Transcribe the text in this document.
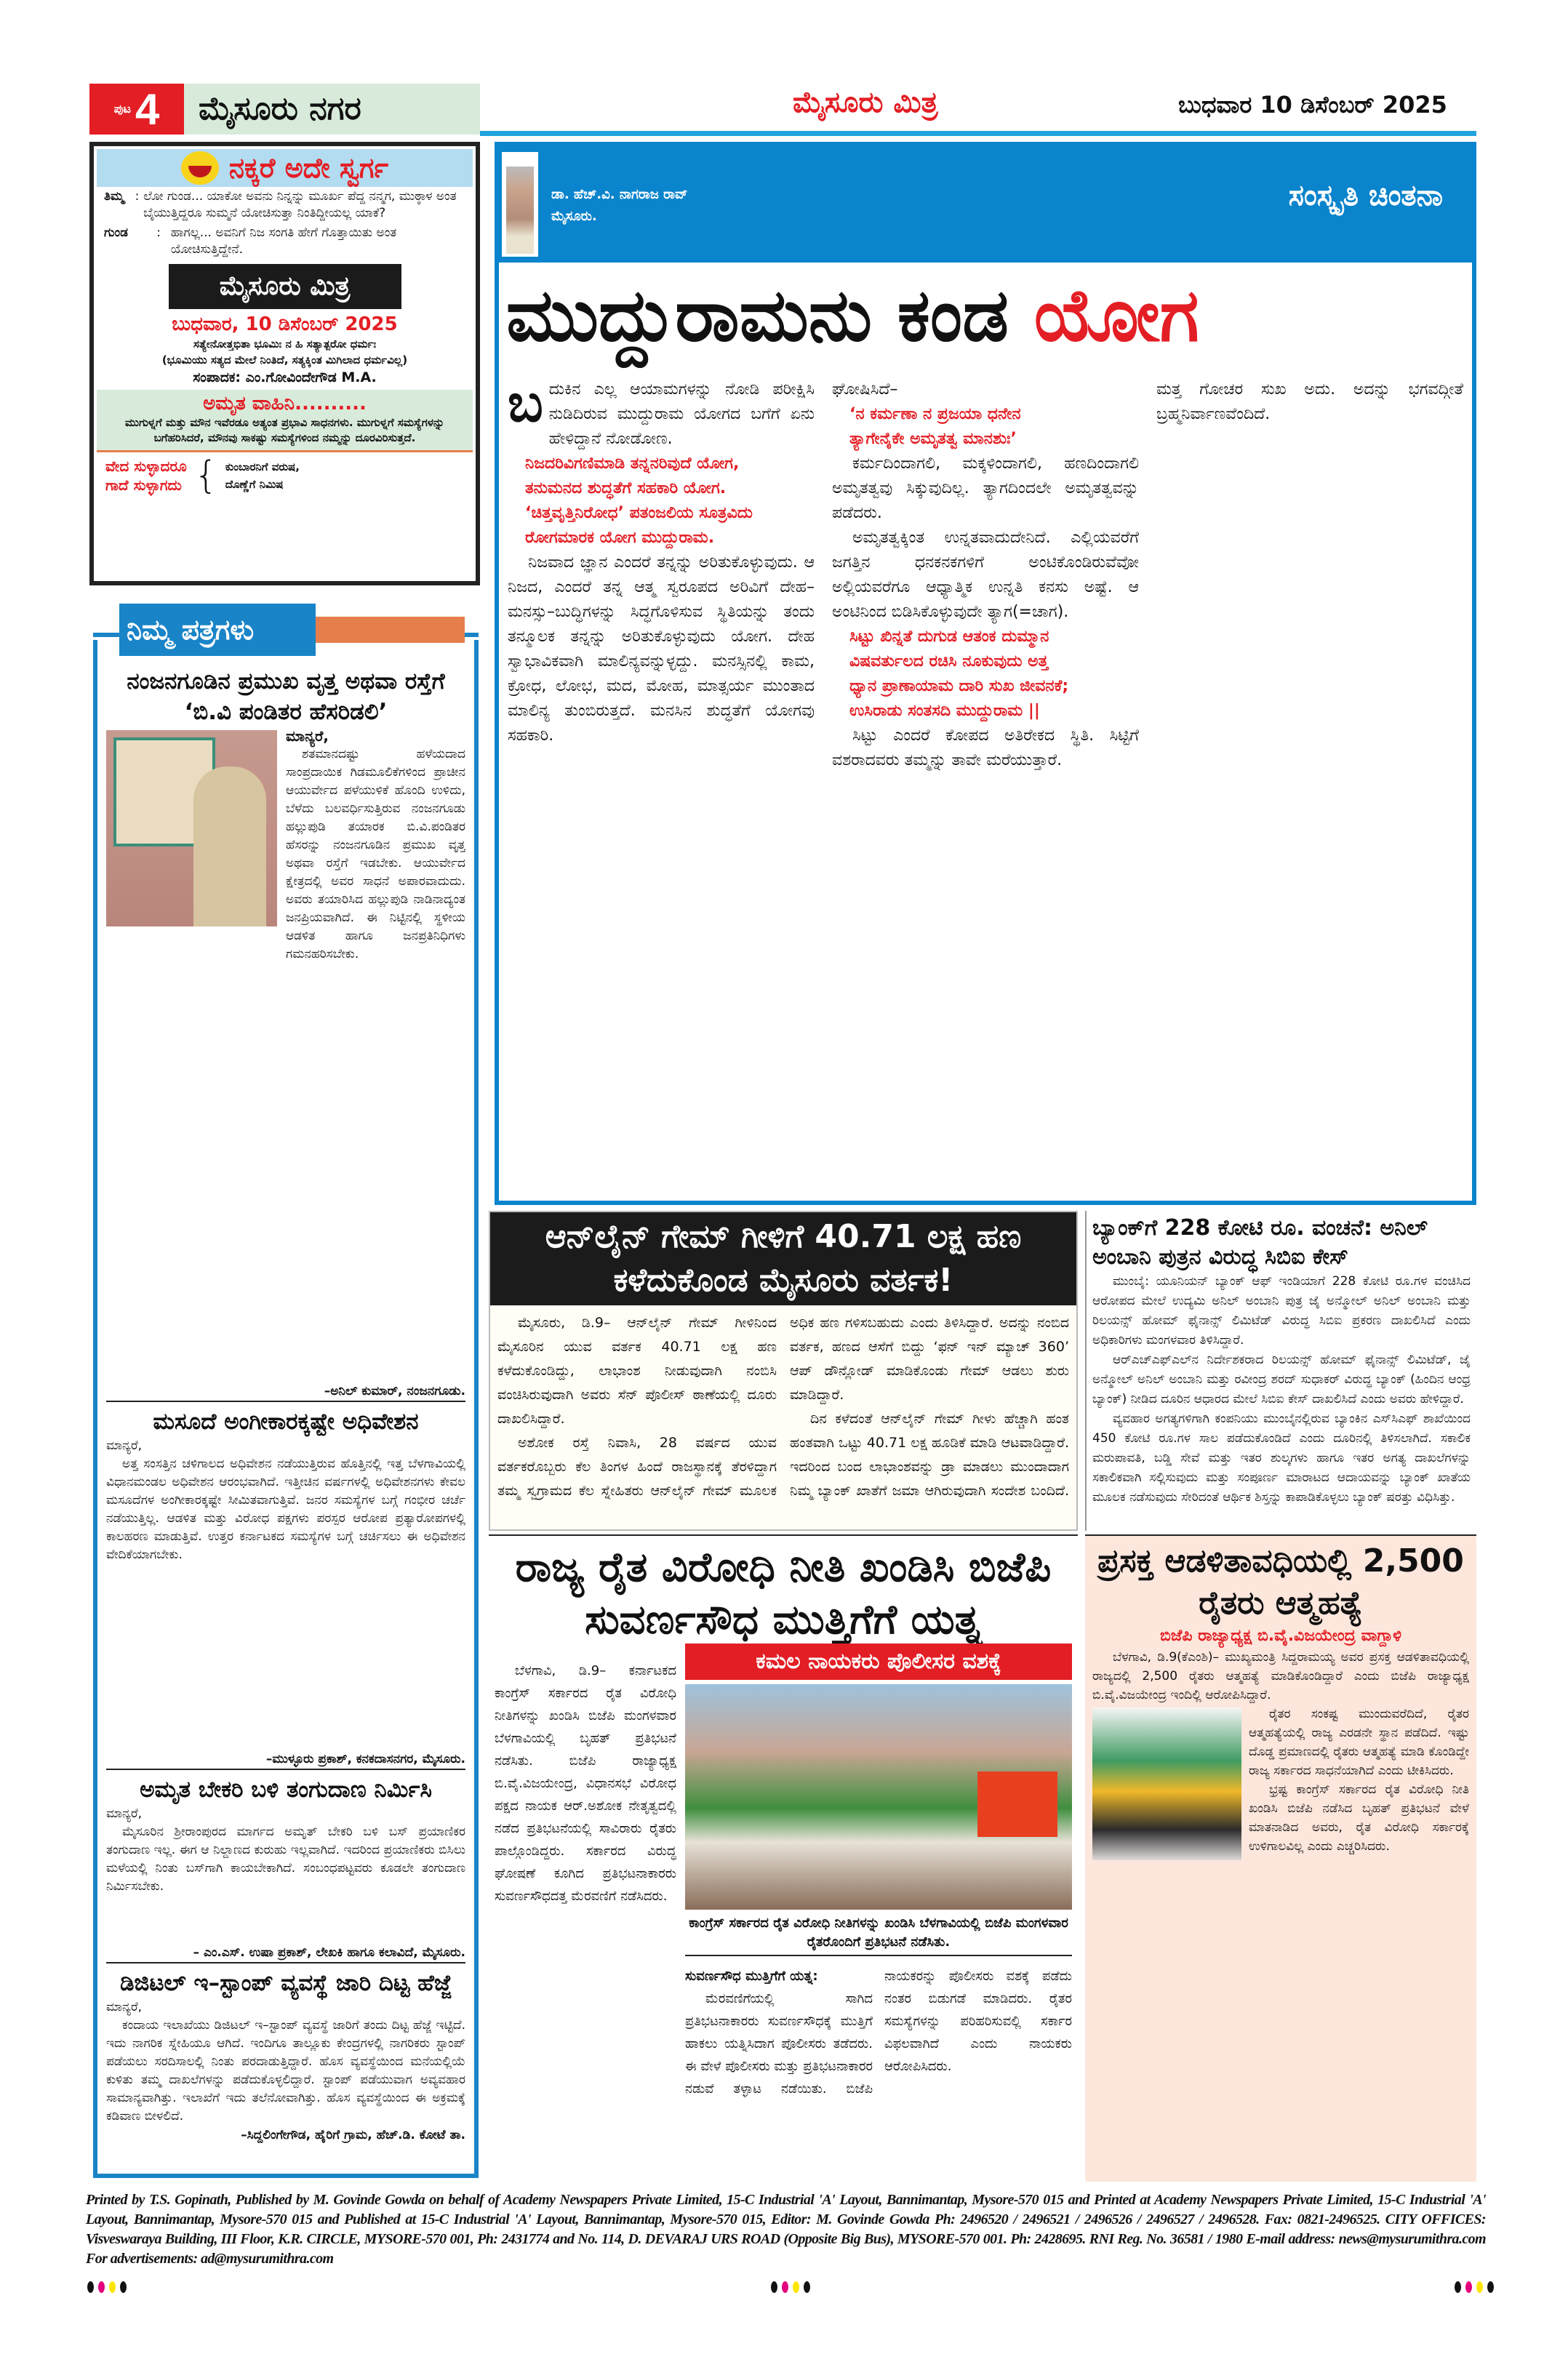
ಪುಟ 4	ಮೈಸೂರು ನಗರ	ಮೈಸೂರು ಮಿತ್ರ	ಬುಧವಾರ 10 ಡಿಸೆಂಬರ್ 2025
ನಕ್ಕರೆ ಅದೇ ಸ್ವರ್ಗ
ತಿಮ್ಮ : ಲೋ ಗುಂಡ... ಯಾಕೋ ಅವನು ನಿನ್ನನ್ನು ಮೂರ್ಖ ಪೆದ್ದ ನನ್ಮಗ, ಮುಠ್ಠಾಳ ಅಂತ ಬೈಯುತ್ತಿದ್ದರೂ ಸುಮ್ಮನೆ ಯೋಚಿಸುತ್ತಾ ನಿಂತಿದ್ದೀಯಲ್ಲ ಯಾಕೆ?
ಗುಂಡ	: ಹಾಗಲ್ಲ... ಅವನಿಗೆ ನಿಜ ಸಂಗತಿ ಹೇಗೆ ಗೊತ್ತಾಯಿತು ಅಂತ ಯೋಚಿಸುತ್ತಿದ್ದೇನೆ.
ಮೈಸೂರು ಮಿತ್ರ
ಬುಧವಾರ, 10 ಡಿಸೆಂಬರ್ 2025
ಸತ್ಯೇನೋತ್ತಭಿತಾ ಭೂಮಿಃ ನ ಹಿ ಸತ್ಯಾತ್ಪರೋ ಧರ್ಮಃ
(ಭೂಮಿಯು ಸತ್ಯದ ಮೇಲೆ ನಿಂತಿದೆ, ಸತ್ಯಕ್ಕಿಂತ ಮಿಗಿಲಾದ ಧರ್ಮವಿಲ್ಲ)
ಸಂಪಾದಕ: ಎಂ.ಗೋವಿಂದೇಗೌಡ M.A.
ಅಮೃತ ವಾಹಿನಿ..........
ಮುಗುಳ್ನಗೆ ಮತ್ತು ಮೌನ ಇವೆರಡೂ ಅತ್ಯಂತ ಪ್ರಭಾವಿ ಸಾಧನಗಳು. ಮುಗುಳ್ನಗೆ ಸಮಸ್ಯೆಗಳನ್ನು ಬಗೆಹರಿಸಿದರೆ, ಮೌನವು ಸಾಕಷ್ಟು ಸಮಸ್ಯೆಗಳಿಂದ ನಮ್ಮನ್ನು ದೂರವಿರಿಸುತ್ತದೆ.
ವೇದ ಸುಳ್ಳಾದರೂ
ಗಾದೆ ಸುಳ್ಳಾಗದು { ಕುಂಬಾರನಿಗೆ ವರುಷ,
ದೊಣ್ಣೆಗೆ ನಿಮಿಷ
ನಂಜನಗೂಡಿನ ಪ್ರಮುಖ ವೃತ್ತ ಅಥವಾ ರಸ್ತೆಗೆ ‘ಬಿ.ವಿ ಪಂಡಿತರ ಹೆಸರಿಡಲಿ’
ಮಾನ್ಯರೆ,

ಶತಮಾನದಷ್ಟು ಹಳೆಯದಾದ ಸಾಂಪ್ರದಾಯಿಕ ಗಿಡಮೂಲಿಕೆಗಳಿಂದ ಪ್ರಾಚೀನ ಆಯುರ್ವೇದ ಪಳೆಯುಳಿಕೆ ಹೊಂದಿ ಉಳಿದು, ಬೆಳೆದು ಬಲವರ್ಧಿಸುತ್ತಿರುವ ನಂಜನಗೂಡು ಹಲ್ಲುಪುಡಿ ತಯಾರಕ ಬಿ.ವಿ.ಪಂಡಿತರ ಹೆಸರನ್ನು ನಂಜನಗೂಡಿನ ಪ್ರಮುಖ ವೃತ್ತ ಅಥವಾ ರಸ್ತೆಗೆ ಇಡಬೇಕು. ಆಯುರ್ವೇದ ಕ್ಷೇತ್ರದಲ್ಲಿ ಅವರ ಸಾಧನೆ ಅಪಾರವಾದುದು. ಅವರು ತಯಾರಿಸಿದ ಹಲ್ಲುಪುಡಿ ನಾಡಿನಾದ್ಯಂತ ಜನಪ್ರಿಯವಾಗಿದೆ. ಈ ನಿಟ್ಟಿನಲ್ಲಿ ಸ್ಥಳೀಯ ಆಡಳಿತ ಹಾಗೂ ಜನಪ್ರತಿನಿಧಿಗಳು ಗಮನಹರಿಸಬೇಕು.

–ಅನಿಲ್ ಕುಮಾರ್, ನಂಜನಗೂಡು.
ಮಸೂದೆ ಅಂಗೀಕಾರಕ್ಕಷ್ಟೇ ಅಧಿವೇಶನ
ಮಾನ್ಯರೆ,

ಅತ್ತ ಸಂಸತ್ತಿನ ಚಳಿಗಾಲದ ಅಧಿವೇಶನ ನಡೆಯುತ್ತಿರುವ ಹೊತ್ತಿನಲ್ಲಿ ಇತ್ತ ಬೆಳಗಾವಿಯಲ್ಲಿ ವಿಧಾನಮಂಡಲ ಅಧಿವೇಶನ ಆರಂಭವಾಗಿದೆ. ಇತ್ತೀಚಿನ ವರ್ಷಗಳಲ್ಲಿ ಅಧಿವೇಶನಗಳು ಕೇವಲ ಮಸೂದೆಗಳ ಅಂಗೀಕಾರಕ್ಕಷ್ಟೇ ಸೀಮಿತವಾಗುತ್ತಿವೆ. ಜನರ ಸಮಸ್ಯೆಗಳ ಬಗ್ಗೆ ಗಂಭೀರ ಚರ್ಚೆ ನಡೆಯುತ್ತಿಲ್ಲ. ಆಡಳಿತ ಮತ್ತು ವಿರೋಧ ಪಕ್ಷಗಳು ಪರಸ್ಪರ ಆರೋಪ ಪ್ರತ್ಯಾರೋಪಗಳಲ್ಲಿ ಕಾಲಹರಣ ಮಾಡುತ್ತಿವೆ. ಉತ್ತರ ಕರ್ನಾಟಕದ ಸಮಸ್ಯೆಗಳ ಬಗ್ಗೆ ಚರ್ಚಿಸಲು ಈ ಅಧಿವೇಶನ ವೇದಿಕೆಯಾಗಬೇಕು.

–ಮುಳ್ಳೂರು ಪ್ರಕಾಶ್, ಕನಕದಾಸನಗರ, ಮೈಸೂರು.
ಅಮೃತ ಬೇಕರಿ ಬಳಿ ತಂಗುದಾಣ ನಿರ್ಮಿಸಿ
ಮಾನ್ಯರೆ,

ಮೈಸೂರಿನ ಶ್ರೀರಾಂಪುರದ ಮಾರ್ಗದ ಅಮೃತ್ ಬೇಕರಿ ಬಳಿ ಬಸ್ ಪ್ರಯಾಣಿಕರ ತಂಗುದಾಣ ಇಲ್ಲ. ಈಗ ಆ ನಿಲ್ದಾಣದ ಕುರುಹು ಇಲ್ಲವಾಗಿದೆ. ಇದರಿಂದ ಪ್ರಯಾಣಿಕರು ಬಿಸಿಲು ಮಳೆಯಲ್ಲಿ ನಿಂತು ಬಸ್‌ಗಾಗಿ ಕಾಯಬೇಕಾಗಿದೆ. ಸಂಬಂಧಪಟ್ಟವರು ಕೂಡಲೇ ತಂಗುದಾಣ ನಿರ್ಮಿಸಬೇಕು.

– ಎಂ.ಎಸ್. ಉಷಾ ಪ್ರಕಾಶ್, ಲೇಖಕಿ ಹಾಗೂ ಕಲಾವಿದೆ, ಮೈಸೂರು.
ಡಿಜಿಟಲ್ ಇ–ಸ್ಟಾಂಪ್ ವ್ಯವಸ್ಥೆ ಜಾರಿ ದಿಟ್ಟ ಹೆಜ್ಜೆ
ಮಾನ್ಯರೆ,

ಕಂದಾಯ ಇಲಾಖೆಯು ಡಿಜಿಟಲ್ ಇ–ಸ್ಟಾಂಪ್ ವ್ಯವಸ್ಥೆ ಜಾರಿಗೆ ತಂದು ದಿಟ್ಟ ಹೆಜ್ಜೆ ಇಟ್ಟಿದೆ. ಇದು ನಾಗರಿಕ ಸ್ನೇಹಿಯೂ ಆಗಿದೆ. ಇಂದಿಗೂ ತಾಲ್ಲೂಕು ಕೇಂದ್ರಗಳಲ್ಲಿ ನಾಗರಿಕರು ಸ್ಟಾಂಪ್ ಪಡೆಯಲು ಸರದಿಸಾಲಲ್ಲಿ ನಿಂತು ಪರದಾಡುತ್ತಿದ್ದಾರೆ. ಹೊಸ ವ್ಯವಸ್ಥೆಯಿಂದ ಮನೆಯಲ್ಲಿಯೆ ಕುಳಿತು ತಮ್ಮ ದಾಖಲೆಗಳನ್ನು ಪಡೆದುಕೊಳ್ಳಲಿದ್ದಾರೆ. ಸ್ಟಾಂಪ್ ಪಡೆಯುವಾಗ ಅವ್ಯವಹಾರ ಸಾಮಾನ್ಯವಾಗಿತ್ತು. ಇಲಾಖೆಗೆ ಇದು ತಲೆನೋವಾಗಿತ್ತು. ಹೊಸ ವ್ಯವಸ್ಥೆಯಿಂದ ಈ ಅಕ್ರಮಕ್ಕೆ ಕಡಿವಾಣ ಬೀಳಲಿದೆ.

–ಸಿದ್ದಲಿಂಗೇಗೌಡ, ಹೈರಿಗೆ ಗ್ರಾಮ, ಹೆಚ್.ಡಿ. ಕೋಟೆ ತಾ.
ನಿಮ್ಮ ಪತ್ರಗಳು
ಡಾ. ಹೆಚ್.ವಿ. ನಾಗರಾಜ ರಾವ್
ಮೈಸೂರು.
ಸಂಸ್ಕೃತಿ ಚಿಂತನಾ
ಮುದ್ದುರಾಮನು ಕಂಡ ಯೋಗ
ಬದುಕಿನ ಎಲ್ಲ ಆಯಾಮಗಳನ್ನು ನೋಡಿ ಪರೀಕ್ಷಿಸಿ ನುಡಿದಿರುವ ಮುದ್ದುರಾಮ ಯೋಗದ ಬಗೆಗೆ ಏನು ಹೇಳಿದ್ದಾನೆ ನೋಡೋಣ.
ನಿಜದರಿವಿಗಣಿಮಾಡಿ ತನ್ನನರಿವುದೆ ಯೋಗ,
ತನುಮನದ ಶುದ್ಧತೆಗೆ ಸಹಕಾರಿ ಯೋಗ.
‘ಚಿತ್ತವೃತ್ತಿನಿರೋಧ’ ಪತಂಜಲಿಯ ಸೂತ್ರವಿದು
ರೋಗಮಾರಕ ಯೋಗ ಮುದ್ದುರಾಮ.

ನಿಜವಾದ ಜ್ಞಾನ ಎಂದರೆ ತನ್ನನ್ನು ಅರಿತುಕೊಳ್ಳುವುದು. ಆ ನಿಜದ, ಎಂದರೆ ತನ್ನ ಆತ್ಮ ಸ್ವರೂಪದ ಅರಿವಿಗೆ ದೇಹ–ಮನಸ್ಸು–ಬುದ್ಧಿಗಳನ್ನು ಸಿದ್ಧಗೊಳಿಸುವ ಸ್ಥಿತಿಯನ್ನು ತಂದು ತನ್ಮೂಲಕ ತನ್ನನ್ನು ಅರಿತುಕೊಳ್ಳುವುದು ಯೋಗ. ದೇಹ ಸ್ವಾಭಾವಿಕವಾಗಿ ಮಾಲಿನ್ಯವನ್ನುಳ್ಳದ್ದು. ಮನಸ್ಸಿನಲ್ಲಿ ಕಾಮ, ಕ್ರೋಧ, ಲೋಭ, ಮದ, ಮೋಹ, ಮಾತ್ಸರ್ಯ ಮುಂತಾದ ಮಾಲಿನ್ಯ ತುಂಬಿರುತ್ತದೆ. ಮನಸಿನ ಶುದ್ಧತೆಗೆ ಯೋಗವು ಸಹಕಾರಿ.

ಘೋಷಿಸಿದೆ–
‘ನ ಕರ್ಮಣಾ ನ ಪ್ರಜಯಾ ಧನೇನ
ತ್ಯಾಗೇನೈಕೇ ಅಮೃತತ್ವ ಮಾನಶುಃ’

ಕರ್ಮದಿಂದಾಗಲಿ, ಮಕ್ಕಳಿಂದಾಗಲಿ, ಹಣದಿಂದಾಗಲಿ ಅಮೃತತ್ವವು ಸಿಕ್ಕುವುದಿಲ್ಲ. ತ್ಯಾಗದಿಂದಲೇ ಅಮೃತತ್ವವನ್ನು ಪಡೆದರು.

ಅಮೃತತ್ವಕ್ಕಿಂತ ಉನ್ನತವಾದುದೇನಿದೆ. ಎಲ್ಲಿಯವರೆಗೆ ಜಗತ್ತಿನ ಧನಕನಕಗಳಿಗೆ ಅಂಟಿಕೊಂಡಿರುವೆವೋ ಅಲ್ಲಿಯವರೆಗೂ ಆಧ್ಯಾತ್ಮಿಕ ಉನ್ನತಿ ಕನಸು ಅಷ್ಟೆ. ಆ ಅಂಟಿನಿಂದ ಬಿಡಿಸಿಕೊಳ್ಳುವುದೇ ತ್ಯಾಗ(=ಚಾಗ).

ಸಿಟ್ಟು ಖಿನ್ನತೆ ದುಗುಡ ಆತಂಕ ದುಮ್ಮಾನ
ವಿಷವರ್ತುಲದ ರಚಿಸಿ ನೂಕುವುದು ಅತ್ತ
ಧ್ಯಾನ ಪ್ರಾಣಾಯಾಮ ದಾರಿ ಸುಖ ಜೀವನಕೆ;
ಉಸಿರಾಡು ಸಂತಸದಿ ಮುದ್ದುರಾಮ ||

ಸಿಟ್ಟು ಎಂದರೆ ಕೋಪದ ಅತಿರೇಕದ ಸ್ಥಿತಿ. ಸಿಟ್ಟಿಗೆ ವಶರಾದವರು ತಮ್ಮನ್ನು ತಾವೇ ಮರೆಯುತ್ತಾರೆ.

ಮತ್ತ ಗೋಚರ ಸುಖ ಅದು. ಅದನ್ನು ಭಗವದ್ಗೀತೆ ಬ್ರಹ್ಮನಿರ್ವಾಣವೆಂದಿದೆ.
ಆನ್‌ಲೈನ್ ಗೇಮ್ ಗೀಳಿಗೆ 40.71 ಲಕ್ಷ ಹಣ ಕಳೆದುಕೊಂಡ ಮೈಸೂರು ವರ್ತಕ!

ಮೈಸೂರು, ಡಿ.9– ಆನ್‌ಲೈನ್ ಗೇಮ್ ಗೀಳಿನಿಂದ ಮೈಸೂರಿನ ಯುವ ವರ್ತಕ 40.71 ಲಕ್ಷ ಹಣ ಕಳೆದುಕೊಂಡಿದ್ದು, ಲಾಭಾಂಶ ನೀಡುವುದಾಗಿ ನಂಬಿಸಿ ವಂಚಿಸಿರುವುದಾಗಿ ಅವರು ಸೆನ್ ಪೊಲೀಸ್ ಠಾಣೆಯಲ್ಲಿ ದೂರು ದಾಖಲಿಸಿದ್ದಾರೆ.

ಅಶೋಕ ರಸ್ತೆ ನಿವಾಸಿ, 28 ವರ್ಷದ ಯುವ ವರ್ತಕರೊಬ್ಬರು ಕೆಲ ತಿಂಗಳ ಹಿಂದೆ ರಾಜಸ್ಥಾನಕ್ಕೆ ತೆರಳಿದ್ದಾಗ ತಮ್ಮ ಸ್ವಗ್ರಾಮದ ಕೆಲ ಸ್ನೇಹಿತರು ಆನ್‌ಲೈನ್ ಗೇಮ್ ಮೂಲಕ ಅಧಿಕ ಹಣ ಗಳಿಸಬಹುದು ಎಂದು ತಿಳಿಸಿದ್ದಾರೆ. ಅದನ್ನು ನಂಬಿದ ವರ್ತಕ, ಹಣದ ಆಸೆಗೆ ಬಿದ್ದು ‘ಫನ್ ಇನ್ ಮ್ಯಾಚ್ 360’ ಆಪ್ ಡೌನ್ಲೋಡ್ ಮಾಡಿಕೊಂಡು ಗೇಮ್ ಆಡಲು ಶುರು ಮಾಡಿದ್ದಾರೆ.

ದಿನ ಕಳೆದಂತೆ ಆನ್‌ಲೈನ್ ಗೇಮ್ ಗೀಳು ಹೆಚ್ಚಾಗಿ ಹಂತ ಹಂತವಾಗಿ ಒಟ್ಟು 40.71 ಲಕ್ಷ ಹೂಡಿಕೆ ಮಾಡಿ ಆಟವಾಡಿದ್ದಾರೆ. ಇದರಿಂದ ಬಂದ ಲಾಭಾಂಶವನ್ನು ಡ್ರಾ ಮಾಡಲು ಮುಂದಾದಾಗ ನಿಮ್ಮ ಬ್ಯಾಂಕ್ ಖಾತೆಗೆ ಜಮಾ ಆಗಿರುವುದಾಗಿ ಸಂದೇಶ ಬಂದಿದೆ.

ಬ್ಯಾಂಕ್‌ಗೆ 228 ಕೋಟಿ ರೂ. ವಂಚನೆ: ಅನಿಲ್ ಅಂಬಾನಿ ಪುತ್ರನ ವಿರುದ್ಧ ಸಿಬಿಐ ಕೇಸ್

ಮುಂಬೈ: ಯೂನಿಯನ್ ಬ್ಯಾಂಕ್ ಆಫ್ ಇಂಡಿಯಾಗೆ 228 ಕೋಟಿ ರೂ.ಗಳ ವಂಚಿಸಿದ ಆರೋಪದ ಮೇಲೆ ಉದ್ಯಮಿ ಅನಿಲ್ ಅಂಬಾನಿ ಪುತ್ರ ಜೈ ಅನ್ಮೋಲ್ ಅನಿಲ್ ಅಂಬಾನಿ ಮತ್ತು ರಿಲಯನ್ಸ್ ಹೋಮ್ ಫೈನಾನ್ಸ್ ಲಿಮಿಟೆಡ್ ವಿರುದ್ಧ ಸಿಬಿಐ ಪ್ರಕರಣ ದಾಖಲಿಸಿದೆ ಎಂದು ಅಧಿಕಾರಿಗಳು ಮಂಗಳವಾರ ತಿಳಿಸಿದ್ದಾರೆ.

ಆರ್‌ಎಚ್‌ಎಫ್‌ಎಲ್‌ನ ನಿರ್ದೇಶಕರಾದ ರಿಲಯನ್ಸ್ ಹೋಮ್ ಫೈನಾನ್ಸ್ ಲಿಮಿಟೆಡ್, ಜೈ ಅನ್ಮೋಲ್ ಅನಿಲ್ ಅಂಬಾನಿ ಮತ್ತು ರವೀಂದ್ರ ಶರದ್ ಸುಧಾಕರ್ ವಿರುದ್ಧ ಬ್ಯಾಂಕ್ (ಹಿಂದಿನ ಆಂಧ್ರ ಬ್ಯಾಂಕ್) ನೀಡಿದ ದೂರಿನ ಆಧಾರದ ಮೇಲೆ ಸಿಬಿಐ ಕೇಸ್ ದಾಖಲಿಸಿದೆ ಎಂದು ಅವರು ಹೇಳಿದ್ದಾರೆ.

ವ್ಯವಹಾರ ಅಗತ್ಯಗಳಿಗಾಗಿ ಕಂಪನಿಯು ಮುಂಬೈನಲ್ಲಿರುವ ಬ್ಯಾಂಕಿನ ಎಸ್‌ಸಿಎಫ್ ಶಾಖೆಯಿಂದ 450 ಕೋಟಿ ರೂ.ಗಳ ಸಾಲ ಪಡೆದುಕೊಂಡಿದೆ ಎಂದು ದೂರಿನಲ್ಲಿ ತಿಳಿಸಲಾಗಿದೆ. ಸಕಾಲಿಕ ಮರುಪಾವತಿ, ಬಡ್ಡಿ ಸೇವೆ ಮತ್ತು ಇತರ ಶುಲ್ಕಗಳು ಹಾಗೂ ಇತರ ಅಗತ್ಯ ದಾಖಲೆಗಳನ್ನು ಸಕಾಲಿಕವಾಗಿ ಸಲ್ಲಿಸುವುದು ಮತ್ತು ಸಂಪೂರ್ಣ ಮಾರಾಟದ ಆದಾಯವನ್ನು ಬ್ಯಾಂಕ್ ಖಾತೆಯ ಮೂಲಕ ನಡೆಸುವುದು ಸೇರಿದಂತೆ ಆರ್ಥಿಕ ಶಿಸ್ತನ್ನು ಕಾಪಾಡಿಕೊಳ್ಳಲು ಬ್ಯಾಂಕ್ ಷರತ್ತು ವಿಧಿಸಿತ್ತು.

ರಾಜ್ಯ ರೈತ ವಿರೋಧಿ ನೀತಿ ಖಂಡಿಸಿ ಬಿಜೆಪಿ ಸುವರ್ಣಸೌಧ ಮುತ್ತಿಗೆಗೆ ಯತ್ನ

ಬೆಳಗಾವಿ, ಡಿ.9– ಕರ್ನಾಟಕದ ಕಾಂಗ್ರೆಸ್ ಸರ್ಕಾರದ ರೈತ ವಿರೋಧಿ ನೀತಿಗಳನ್ನು ಖಂಡಿಸಿ ಬಿಜೆಪಿ ಮಂಗಳವಾರ ಬೆಳಗಾವಿಯಲ್ಲಿ ಬೃಹತ್ ಪ್ರತಿಭಟನೆ ನಡೆಸಿತು. ಬಿಜೆಪಿ ರಾಜ್ಯಾಧ್ಯಕ್ಷ ಬಿ.ವೈ.ವಿಜಯೇಂದ್ರ, ವಿಧಾನಸಭೆ ವಿರೋಧ ಪಕ್ಷದ ನಾಯಕ ಆರ್.ಅಶೋಕ ನೇತೃತ್ವದಲ್ಲಿ ನಡೆದ ಪ್ರತಿಭಟನೆಯಲ್ಲಿ ಸಾವಿರಾರು ರೈತರು ಪಾಲ್ಗೊಂಡಿದ್ದರು. ಸರ್ಕಾರದ ವಿರುದ್ಧ ಘೋಷಣೆ ಕೂಗಿದ ಪ್ರತಿಭಟನಾಕಾರರು ಸುವರ್ಣಸೌಧದತ್ತ ಮೆರವಣಿಗೆ ನಡೆಸಿದರು.

ಕಮಲ ನಾಯಕರು ಪೊಲೀಸರ ವಶಕ್ಕೆ
ಕಾಂಗ್ರೆಸ್ ಸರ್ಕಾರದ ರೈತ ವಿರೋಧಿ ನೀತಿಗಳನ್ನು ಖಂಡಿಸಿ ಬೆಳಗಾವಿಯಲ್ಲಿ ಬಿಜೆಪಿ ಮಂಗಳವಾರ ರೈತರೊಂದಿಗೆ ಪ್ರತಿಭಟನೆ ನಡೆಸಿತು.
ಸುವರ್ಣಸೌಧ ಮುತ್ತಿಗೆಗೆ ಯತ್ನ:

ಮೆರವಣಿಗೆಯಲ್ಲಿ ಸಾಗಿದ ಪ್ರತಿಭಟನಾಕಾರರು ಸುವರ್ಣಸೌಧಕ್ಕೆ ಮುತ್ತಿಗೆ ಹಾಕಲು ಯತ್ನಿಸಿದಾಗ ಪೊಲೀಸರು ತಡೆದರು. ಈ ವೇಳೆ ಪೊಲೀಸರು ಮತ್ತು ಪ್ರತಿಭಟನಾಕಾರರ ನಡುವೆ ತಳ್ಳಾಟ ನಡೆಯಿತು. ಬಿಜೆಪಿ ನಾಯಕರನ್ನು ಪೊಲೀಸರು ವಶಕ್ಕೆ ಪಡೆದು ನಂತರ ಬಿಡುಗಡೆ ಮಾಡಿದರು. ರೈತರ ಸಮಸ್ಯೆಗಳನ್ನು ಪರಿಹರಿಸುವಲ್ಲಿ ಸರ್ಕಾರ ವಿಫಲವಾಗಿದೆ ಎಂದು ನಾಯಕರು ಆರೋಪಿಸಿದರು.

ಪ್ರಸಕ್ತ ಆಡಳಿತಾವಧಿಯಲ್ಲಿ 2,500 ರೈತರು ಆತ್ಮಹತ್ಯೆ
ಬಿಜೆಪಿ ರಾಜ್ಯಾಧ್ಯಕ್ಷ ಬಿ.ವೈ.ವಿಜಯೇಂದ್ರ ವಾಗ್ದಾಳಿ

ಬೆಳಗಾವಿ, ಡಿ.9(ಕೆಎಂಶಿ)– ಮುಖ್ಯಮಂತ್ರಿ ಸಿದ್ದರಾಮಯ್ಯ ಅವರ ಪ್ರಸಕ್ತ ಆಡಳಿತಾವಧಿಯಲ್ಲಿ ರಾಜ್ಯದಲ್ಲಿ 2,500 ರೈತರು ಆತ್ಮಹತ್ಯೆ ಮಾಡಿಕೊಂಡಿದ್ದಾರೆ ಎಂದು ಬಿಜೆಪಿ ರಾಜ್ಯಾಧ್ಯಕ್ಷ ಬಿ.ವೈ.ವಿಜಯೇಂದ್ರ ಇಂದಿಲ್ಲಿ ಆರೋಪಿಸಿದ್ದಾರೆ.

ರೈತರ ಸಂಕಷ್ಟ ಮುಂದುವರೆದಿದೆ, ರೈತರ ಆತ್ಮಹತ್ಯೆಯಲ್ಲಿ ರಾಜ್ಯ ಎರಡನೇ ಸ್ಥಾನ ಪಡೆದಿದೆ. ಇಷ್ಟು ದೊಡ್ಡ ಪ್ರಮಾಣದಲ್ಲಿ ರೈತರು ಆತ್ಮಹತ್ಯೆ ಮಾಡಿ ಕೊಂಡಿದ್ದೇ ರಾಜ್ಯ ಸರ್ಕಾರದ ಸಾಧನೆಯಾಗಿದೆ ಎಂದು ಟೀಕಿಸಿದರು.

ಭ್ರಷ್ಟ ಕಾಂಗ್ರೆಸ್ ಸರ್ಕಾರದ ರೈತ ವಿರೋಧಿ ನೀತಿ ಖಂಡಿಸಿ ಬಿಜೆಪಿ ನಡೆಸಿದ ಬೃಹತ್ ಪ್ರತಿಭಟನೆ ವೇಳೆ ಮಾತನಾಡಿದ ಅವರು, ರೈತ ವಿರೋಧಿ ಸರ್ಕಾರಕ್ಕೆ ಉಳಿಗಾಲವಿಲ್ಲ ಎಂದು ಎಚ್ಚರಿಸಿದರು.

Printed by T.S. Gopinath, Published by M. Govinde Gowda on behalf of Academy Newspapers Private Limited, 15-C Industrial 'A' Layout, Bannimantap, Mysore-570 015 and Printed at Academy Newspapers Private Limited, 15-C Industrial 'A' Layout, Bannimantap, Mysore-570 015 and Published at 15-C Industrial 'A' Layout, Bannimantap, Mysore-570 015, Editor: M. Govinde Gowda Ph: 2496520 / 2496521 / 2496526 / 2496527 / 2496528. Fax: 0821-2496525. CITY OFFICES: Visveswaraya Building, III Floor, K.R. CIRCLE, MYSORE-570 001, Ph: 2431774 and No. 114, D. DEVARAJ URS ROAD (Opposite Big Bus), MYSORE-570 001. Ph: 2428695. RNI Reg. No. 36581 / 1980 E-mail address: news@mysurumithra.com For advertisements: ad@mysurumithra.com
